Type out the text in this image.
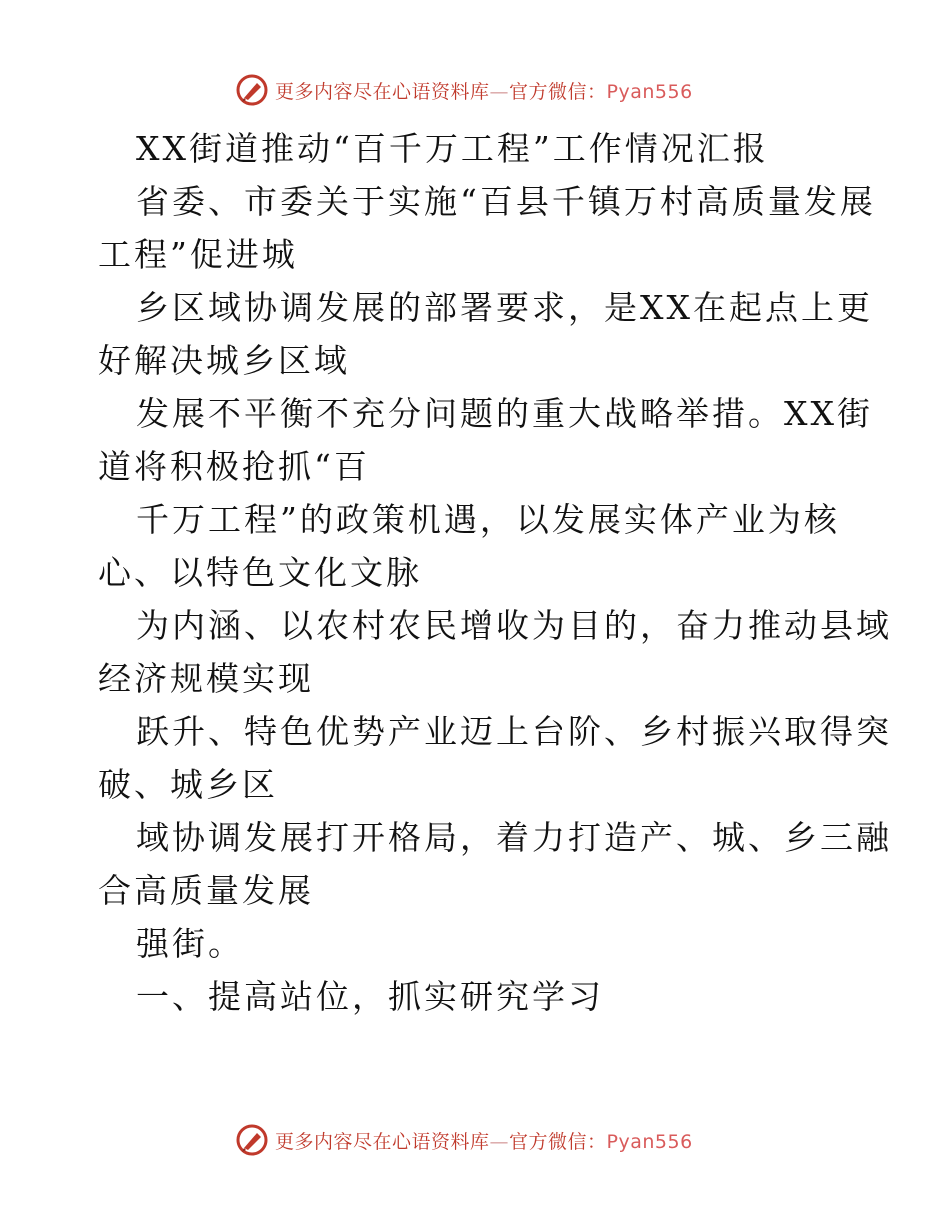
更多内容尽在心语资料库—官方微信：Pyan556
XX街道推动“百千万工程”工作情况汇报
省委、市委关于实施“百县千镇万村高质量发展
工程”促进城
乡区域协调发展的部署要求，是XX在起点上更
好解决城乡区域
发展不平衡不充分问题的重大战略举措。XX街
道将积极抢抓“百
千万工程”的政策机遇，以发展实体产业为核
心、以特色文化文脉
为内涵、以农村农民增收为目的，奋力推动县域
经济规模实现
跃升、特色优势产业迈上台阶、乡村振兴取得突
破、城乡区
域协调发展打开格局，着力打造产、城、乡三融
合高质量发展
强街。
一、提高站位，抓实研究学习
更多内容尽在心语资料库—官方微信：Pyan556
